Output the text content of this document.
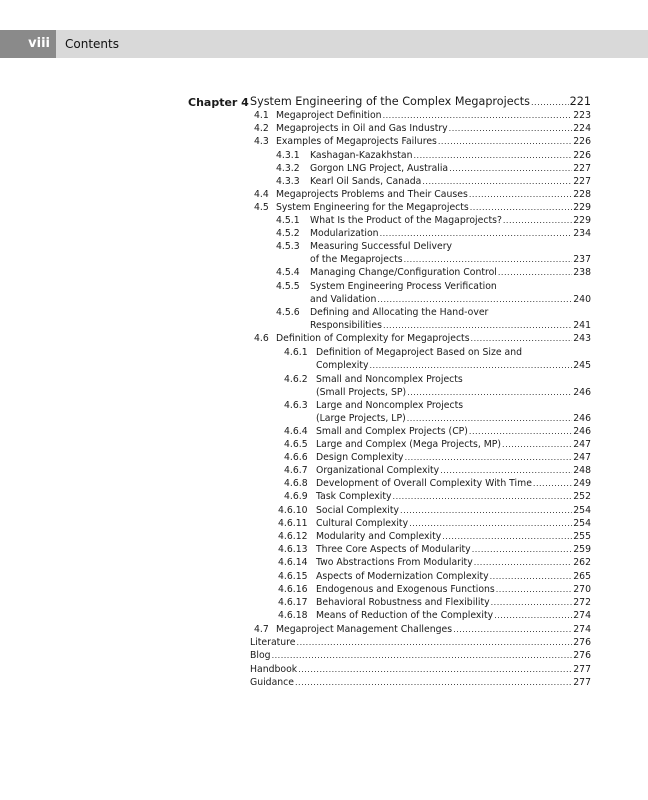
viii	Contents
Chapter 4 System Engineering of the Complex Megaprojects .....	221
4.1 Megaproject Definition .....	223
4.2 Megaprojects in Oil and Gas Industry .....	224
4.3 Examples of Megaprojects Failures .....	226
4.3.1	Kashagan-Kazakhstan .....	226
4.3.2	Gorgon LNG Project, Australia .....	227
4.3.3	Kearl Oil Sands, Canada .....	227
4.4 Megaprojects Problems and Their Causes .....	228
4.5 System Engineering for the Megaprojects .....	229
4.5.1	What Is the Product of the Magaprojects? .....	229
4.5.2	Modularization .....	234
4.5.3 Measuring Successful Delivery
of the Megaprojects .....	237
4.5.4	Managing Change/Configuration Control .....	238
4.5.5 System Engineering Process Verification
and Validation .....	240
4.5.6 Defining and Allocating the Hand-over
Responsibilities .....	241
4.6 Definition of Complexity for Megaprojects .....	243
4.6.1 Definition of Megaproject Based on Size and
Complexity .....	245
4.6.2 Small and Noncomplex Projects
(Small Projects, SP) .....	246
4.6.3 Large and Noncomplex Projects
(Large Projects, LP) .....	246
4.6.4 Small and Complex Projects (CP) .....	246
4.6.5 Large and Complex (Mega Projects, MP) .....	247
4.6.6 Design Complexity .....	247
4.6.7 Organizational Complexity .....	248
4.6.8 Development of Overall Complexity With Time .....	249
4.6.9 Task Complexity .....	252
4.6.10 Social Complexity .....	254
4.6.11 Cultural Complexity .....	254
4.6.12 Modularity and Complexity .....	255
4.6.13 Three Core Aspects of Modularity .....	259
4.6.14 Two Abstractions From Modularity .....	262
4.6.15 Aspects of Modernization Complexity .....	265
4.6.16 Endogenous and Exogenous Functions .....	270
4.6.17 Behavioral Robustness and Flexibility .....	272
4.6.18 Means of Reduction of the Complexity .....	274
4.7 Megaproject Management Challenges .....	274
Literature .....	276
Blog .....	276
Handbook .....	277
Guidance .....	277
